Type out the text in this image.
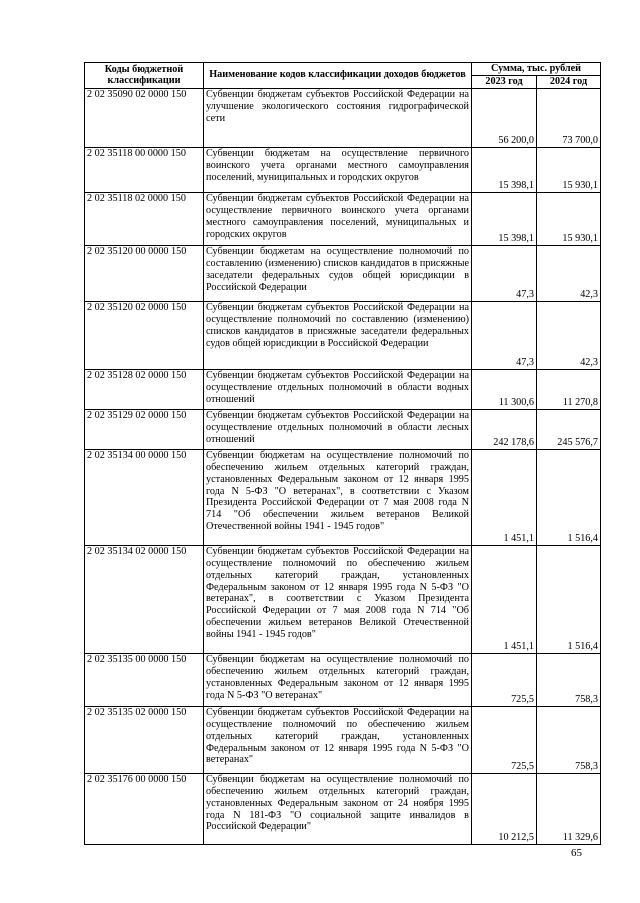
Коды бюджетной классификации	Наименование кодов классификации доходов бюджетов	Сумма, тыс. рублей	
		2023 год	2024 год
2 02 35090 02 0000 150	Субвенции бюджетам субъектов Российской Федерации на улучшение экологического состояния гидрографической сети	56 200,0	73 700,0
2 02 35118 00 0000 150	Субвенции бюджетам на осуществление первичного воинского учета органами местного самоуправления поселений, муниципальных и городских округов	15 398,1	15 930,1
2 02 35118 02 0000 150	Субвенции бюджетам субъектов Российской Федерации на осуществление первичного воинского учета органами местного самоуправления поселений, муниципальных и городских округов	15 398,1	15 930,1
2 02 35120 00 0000 150	Субвенции бюджетам на осуществление полномочий по составлению (изменению) списков кандидатов в присяжные заседатели федеральных судов общей юрисдикции в Российской Федерации	47,3	42,3
2 02 35120 02 0000 150	Субвенции бюджетам субъектов Российской Федерации на осуществление полномочий по составлению (изменению) списков кандидатов в присяжные заседатели федеральных судов общей юрисдикции в Российской Федерации	47,3	42,3
2 02 35128 02 0000 150	Субвенции бюджетам субъектов Российской Федерации на осуществление отдельных полномочий в области водных отношений	11 300,6	11 270,8
2 02 35129 02 0000 150	Субвенции бюджетам субъектов Российской Федерации на осуществление отдельных полномочий в области лесных отношений	242 178,6	245 576,7
2 02 35134 00 0000 150	Субвенции бюджетам на осуществление полномочий по обеспечению жильем отдельных категорий граждан, установленных Федеральным законом от 12 января 1995 года N 5-ФЗ "О ветеранах", в соответствии с Указом Президента Российской Федерации от 7 мая 2008 года N 714 "Об обеспечении жильем ветеранов Великой Отечественной войны 1941 - 1945 годов"	1 451,1	1 516,4
2 02 35134 02 0000 150	Субвенции бюджетам субъектов Российской Федерации на осуществление полномочий по обеспечению жильем отдельных категорий граждан, установленных Федеральным законом от 12 января 1995 года N 5-ФЗ "О ветеранах", в соответствии с Указом Президента Российской Федерации от 7 мая 2008 года N 714 "Об обеспечении жильем ветеранов Великой Отечественной войны 1941 - 1945 годов"	1 451,1	1 516,4
2 02 35135 00 0000 150	Субвенции бюджетам на осуществление полномочий по обеспечению жильем отдельных категорий граждан, установленных Федеральным законом от 12 января 1995 года N 5-ФЗ "О ветеранах"	725,5	758,3
2 02 35135 02 0000 150	Субвенции бюджетам субъектов Российской Федерации на осуществление полномочий по обеспечению жильем отдельных категорий граждан, установленных Федеральным законом от 12 января 1995 года N 5-ФЗ "О ветеранах"	725,5	758,3
2 02 35176 00 0000 150	Субвенции бюджетам на осуществление полномочий по обеспечению жильем отдельных категорий граждан, установленных Федеральным законом от 24 ноября 1995 года N 181-ФЗ "О социальной защите инвалидов в Российской Федерации"	10 212,5	11 329,6
65
